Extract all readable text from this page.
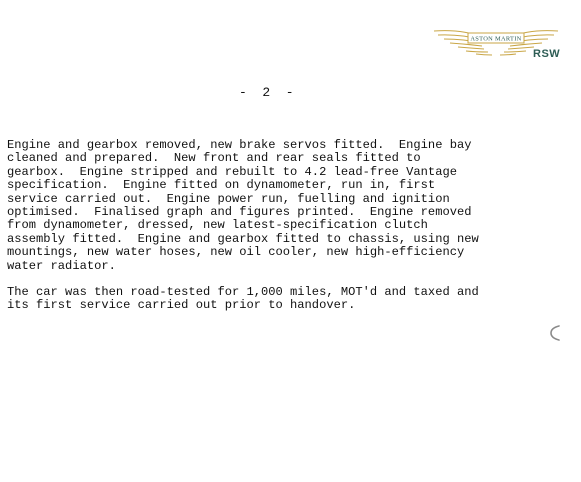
ASTON MARTIN
RSW
-  2  -

Engine and gearbox removed, new brake servos fitted.  Engine bay
cleaned and prepared.  New front and rear seals fitted to
gearbox.  Engine stripped and rebuilt to 4.2 lead-free Vantage
specification.  Engine fitted on dynamometer, run in, first
service carried out.  Engine power run, fuelling and ignition
optimised.  Finalised graph and figures printed.  Engine removed
from dynamometer, dressed, new latest-specification clutch
assembly fitted.  Engine and gearbox fitted to chassis, using new
mountings, new water hoses, new oil cooler, new high-efficiency
water radiator.

The car was then road-tested for 1,000 miles, MOT'd and taxed and
its first service carried out prior to handover.
